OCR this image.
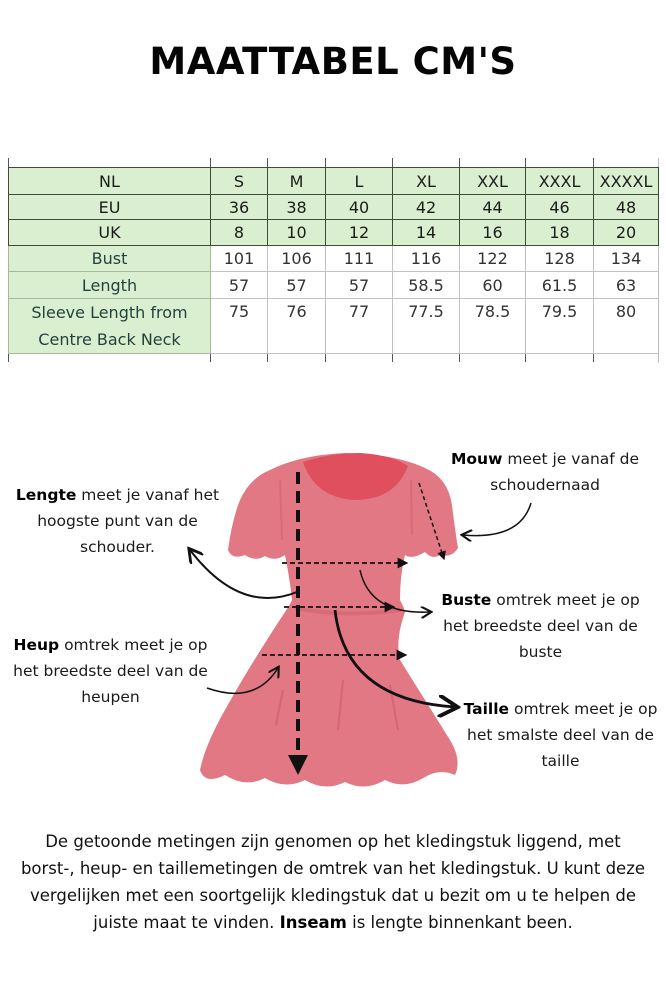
MAATTABEL CM'S
NL	S	M	L	XL	XXL	XXXL	XXXXL
EU	36	38	40	42	44	46	48
UK	8	10	12	14	16	18	20
Bust	101	106	111	116	122	128	134
Length	57	57	57	58.5	60	61.5	63
Sleeve Length from Centre Back Neck	75	76	77	77.5	78.5	79.5	80
Lengte meet je vanaf het hoogste punt van de schouder.
Mouw meet je vanaf de schoudernaad
Buste omtrek meet je op het breedste deel van de buste
Heup omtrek meet je op het breedste deel van de heupen
Taille omtrek meet je op het smalste deel van de taille
De getoonde metingen zijn genomen op het kledingstuk liggend, met borst-, heup- en taillemetingen de omtrek van het kledingstuk. U kunt deze vergelijken met een soortgelijk kledingstuk dat u bezit om u te helpen de juiste maat te vinden. Inseam is lengte binnenkant been.
